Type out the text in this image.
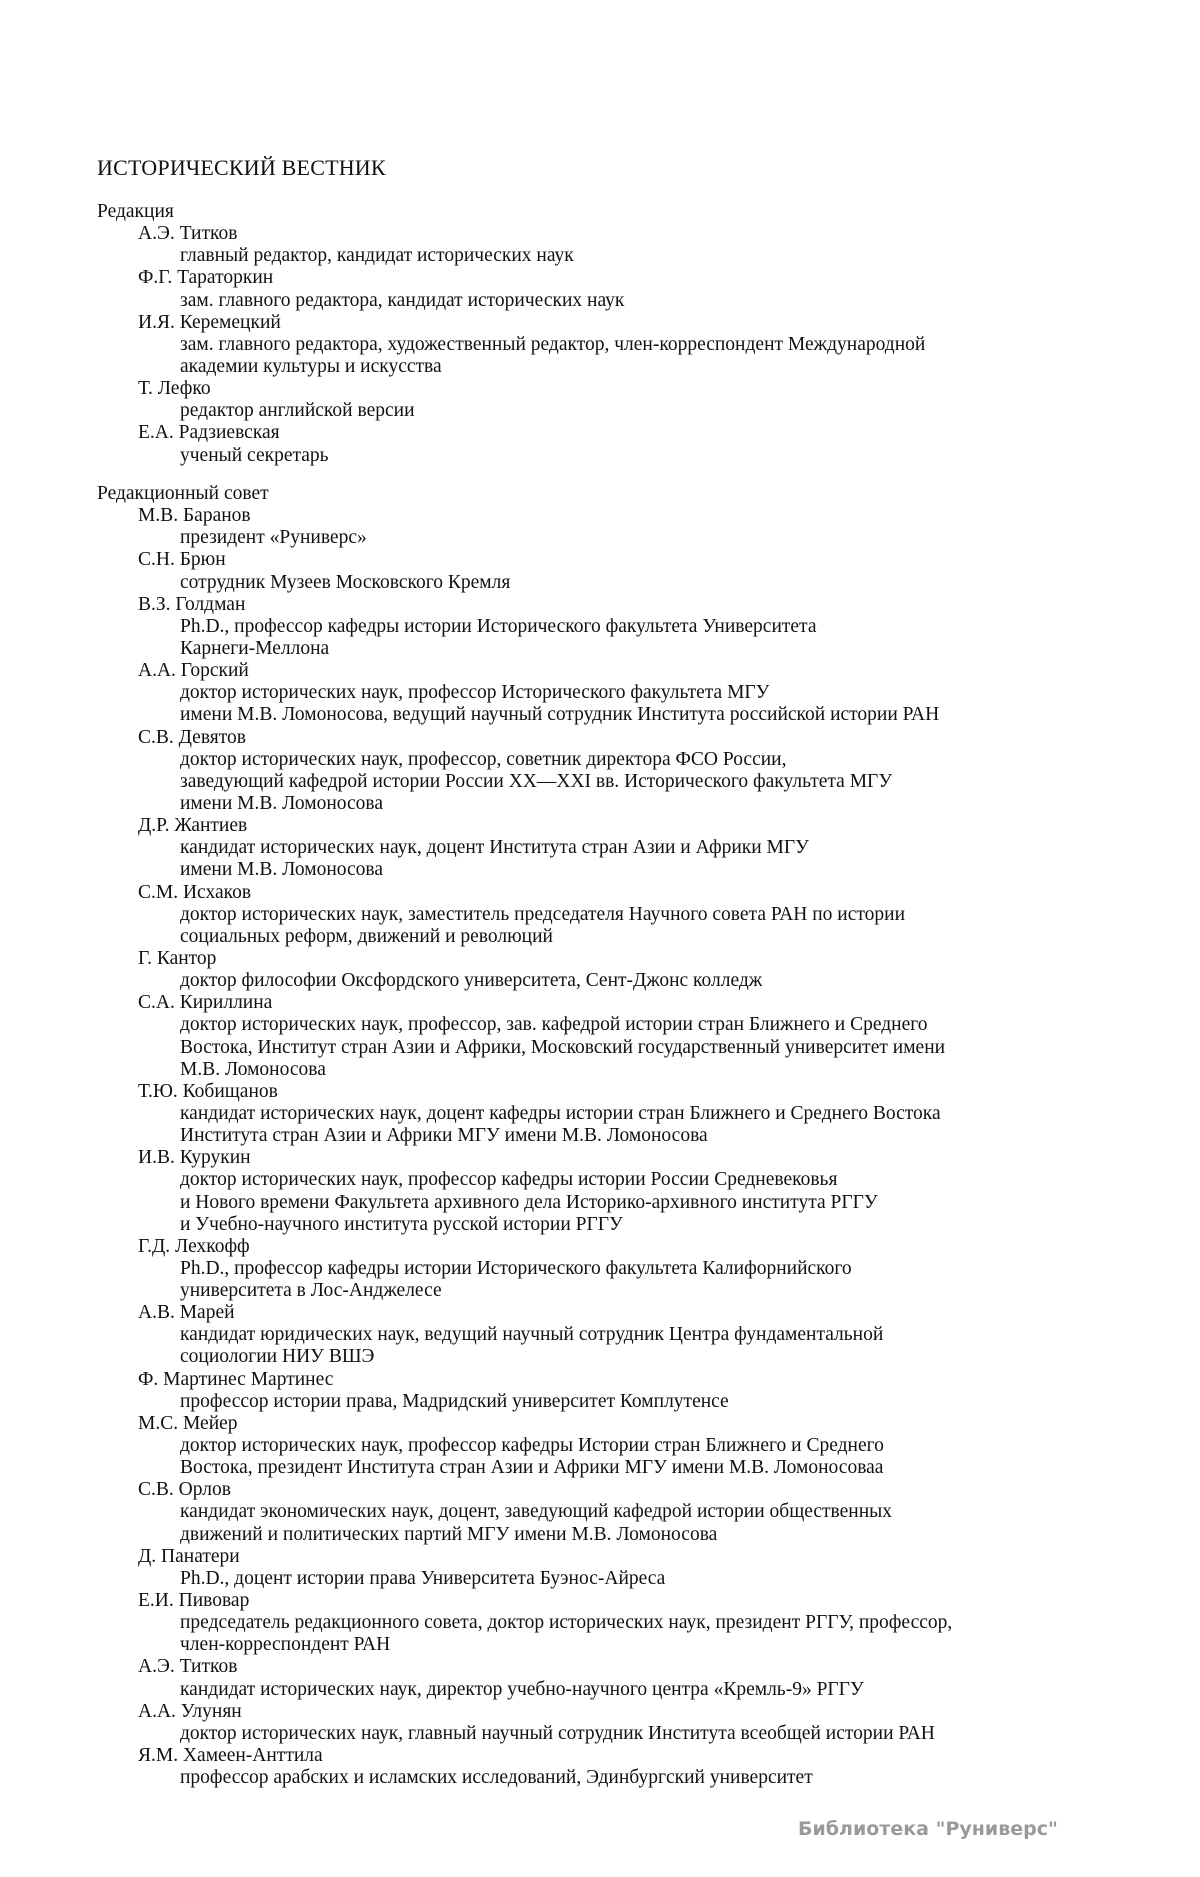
ИСТОРИЧЕСКИЙ ВЕСТНИК
Редакция
А.Э. Титков
главный редактор, кандидат исторических наук
Ф.Г. Тараторкин
зам. главного редактора, кандидат исторических наук
И.Я. Керемецкий
зам. главного редактора, художественный редактор, член-корреспондент Международной
академии культуры и искусства
Т. Лефко
редактор английской версии
Е.А. Радзиевская
ученый секретарь
Редакционный совет
М.В. Баранов
президент «Руниверс»
С.Н. Брюн
сотрудник Музеев Московского Кремля
В.З. Голдман
Ph.D., профессор кафедры истории Исторического факультета Университета
Карнеги-Меллона
А.А. Горский
доктор исторических наук, профессор Исторического факультета МГУ
имени М.В. Ломоносова, ведущий научный сотрудник Института российской истории РАН
С.В. Девятов
доктор исторических наук, профессор, советник директора ФСО России,
заведующий кафедрой истории России XX—XXI вв. Исторического факультета МГУ
имени М.В. Ломоносова
Д.Р. Жантиев
кандидат исторических наук, доцент Института стран Азии и Африки МГУ
имени М.В. Ломоносова
С.М. Исхаков
доктор исторических наук, заместитель председателя Научного совета РАН по истории
социальных реформ, движений и революций
Г. Кантор
доктор философии Оксфордского университета, Сент-Джонс колледж
С.А. Кириллина
доктор исторических наук, профессор, зав. кафедрой истории стран Ближнего и Среднего
Востока, Институт стран Азии и Африки, Московский государственный университет имени
М.В. Ломоносова
Т.Ю. Кобищанов
кандидат исторических наук, доцент кафедры истории стран Ближнего и Среднего Востока
Института стран Азии и Африки МГУ имени М.В. Ломоносова
И.В. Курукин
доктор исторических наук, профессор кафедры истории России Средневековья
и Нового времени Факультета архивного дела Историко-архивного института РГГУ
и Учебно-научного института русской истории РГГУ
Г.Д. Лехкофф
Ph.D., профессор кафедры истории Исторического факультета Калифорнийского
университета в Лос-Анджелесе
А.В. Марей
кандидат юридических наук, ведущий научный сотрудник Центра фундаментальной
социологии НИУ ВШЭ
Ф. Мартинес Мартинес
профессор истории права, Мадридский университет Комплутенсе
М.С. Мейер
доктор исторических наук, профессор кафедры Истории стран Ближнего и Среднего
Востока, президент Института стран Азии и Африки МГУ имени М.В. Ломоносоваа
С.В. Орлов
кандидат экономических наук, доцент, заведующий кафедрой истории общественных
движений и политических партий МГУ имени М.В. Ломоносова
Д. Панатери
Ph.D., доцент истории права Университета Буэнос-Айреса
Е.И. Пивовар
председатель редакционного совета, доктор исторических наук, президент РГГУ, профессор,
член-корреспондент РАН
А.Э. Титков
кандидат исторических наук, директор учебно-научного центра «Кремль-9» РГГУ
А.А. Улунян
доктор исторических наук, главный научный сотрудник Института всеобщей истории РАН
Я.М. Хамеен-Анттила
профессор арабских и исламских исследований, Эдинбургский университет
Библиотека "Руниверс"
